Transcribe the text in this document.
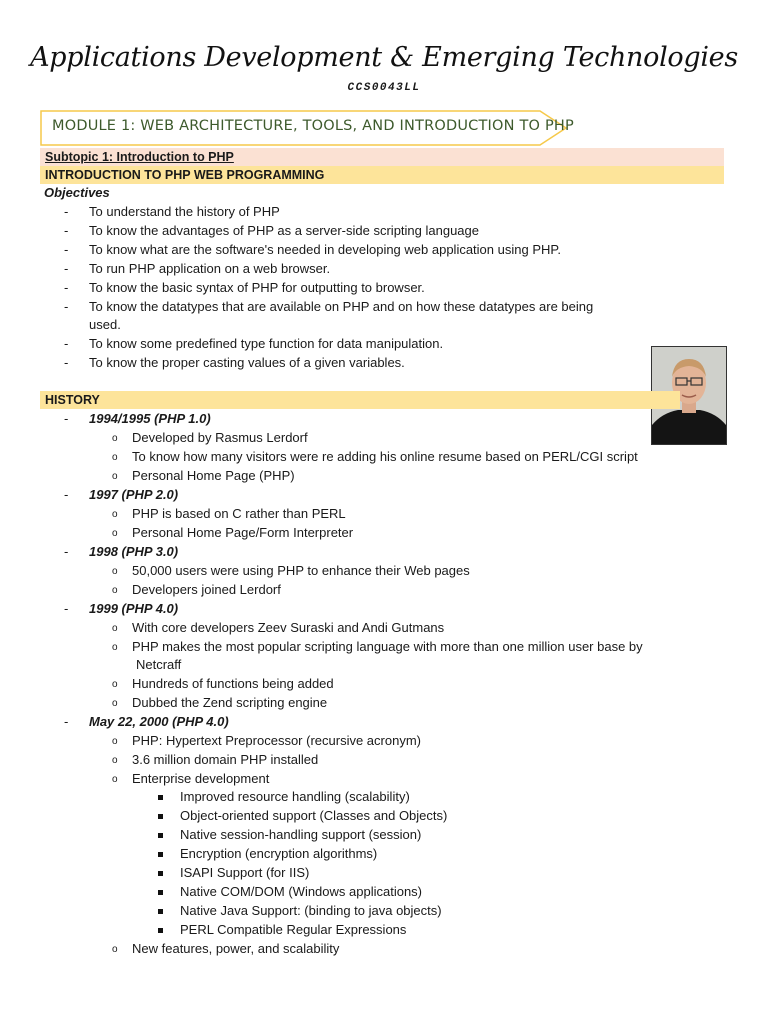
Applications Development & Emerging Technologies
CCS0043LL
MODULE 1: WEB ARCHITECTURE, TOOLS, AND INTRODUCTION TO PHP
Subtopic 1: Introduction to PHP
INTRODUCTION TO PHP WEB PROGRAMMING
Objectives
- To understand the history of PHP
- To know the advantages of PHP as a server-side scripting language
- To know what are the software's needed in developing web application using PHP.
- To run PHP application on a web browser.
- To know the basic syntax of PHP for outputting to browser.
- To know the datatypes that are available on PHP and on how these datatypes are being
used.
- To know some predefined type function for data manipulation.
- To know the proper casting values of a given variables.
HISTORY
- 1994/1995 (PHP 1.0)
o Developed by Rasmus Lerdorf
o To know how many visitors were re adding his online resume based on PERL/CGI script
o Personal Home Page (PHP)
- 1997 (PHP 2.0)
o PHP is based on C rather than PERL
o Personal Home Page/Form Interpreter
- 1998 (PHP 3.0)
o 50,000 users were using PHP to enhance their Web pages
o Developers joined Lerdorf
- 1999 (PHP 4.0)
o With core developers Zeev Suraski and Andi Gutmans
o PHP makes the most popular scripting language with more than one million user base by
Netcraff
o Hundreds of functions being added
o Dubbed the Zend scripting engine
- May 22, 2000 (PHP 4.0)
o PHP: Hypertext Preprocessor (recursive acronym)
o 3.6 million domain PHP installed
o Enterprise development
Improved resource handling (scalability)
Object-oriented support (Classes and Objects)
Native session-handling support (session)
Encryption (encryption algorithms)
ISAPI Support (for IIS)
Native COM/DOM (Windows applications)
Native Java Support: (binding to java objects)
PERL Compatible Regular Expressions
o New features, power, and scalability
